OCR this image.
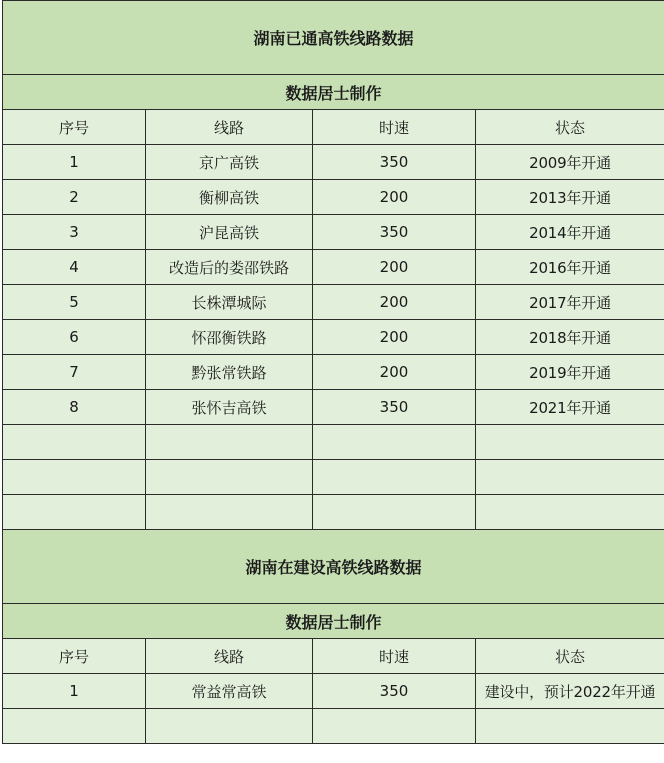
湖南已通高铁线路数据			
数据居士制作			
序号	线路	时速	状态
1	京广高铁	350	2009年开通
2	衡柳高铁	200	2013年开通
3	沪昆高铁	350	2014年开通
4	改造后的娄邵铁路	200	2016年开通
5	长株潭城际	200	2017年开通
6	怀邵衡铁路	200	2018年开通
7	黔张常铁路	200	2019年开通
8	张怀吉高铁	350	2021年开通

湖南在建设高铁线路数据			
数据居士制作			
序号	线路	时速	状态
1	常益常高铁	350	建设中，预计2022年开通
